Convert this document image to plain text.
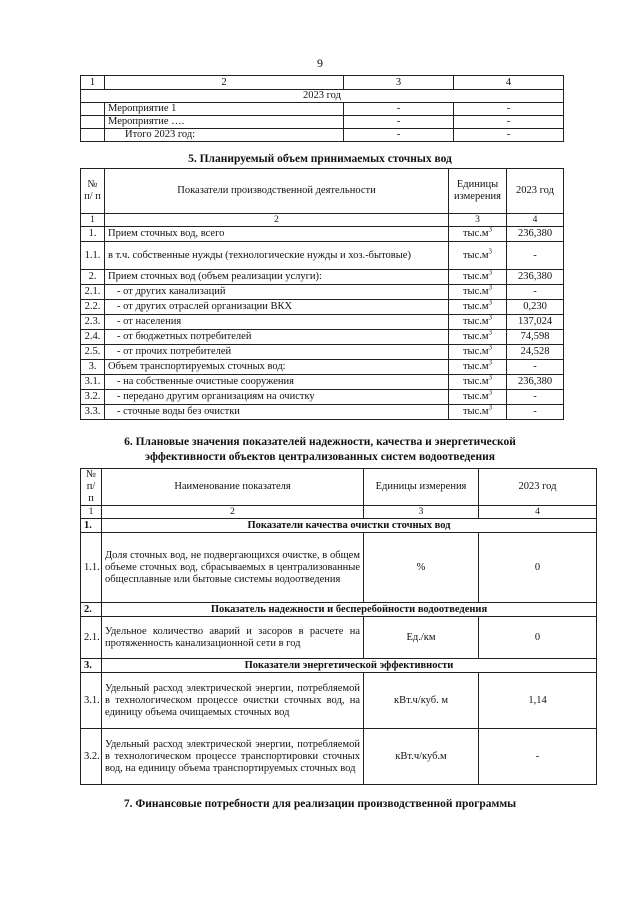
9
1	2	3	4
2023 год			
	Мероприятие 1	-	-
	Мероприятие ….	-	-
	Итого 2023 год:	-	-
5. Планируемый объем принимаемых сточных вод
№ п/ п	Показатели производственной деятельности	Единицы измерения	2023 год
1	2	3	4
1.	Прием сточных вод, всего	$тыс.м^3$	236,380
1.1.	в т.ч. собственные нужды (технологические нужды и хоз.-бытовые)	$тыс.м^3$	-
2.	Прием сточных вод (объем реализации услуги):	$тыс.м^3$	236,380
2.1.	- от других канализаций	$тыс.м^3$	-
2.2.	- от других отраслей организации ВКХ	$тыс.м^3$	0,230
2.3.	- от населения	$тыс.м^3$	137,024
2.4.	- от бюджетных потребителей	$тыс.м^3$	74,598
2.5.	- от прочих потребителей	$тыс.м^3$	24,528
3.	Объем транспортируемых сточных вод:	$тыс.м^3$	-
3.1.	- на собственные очистные сооружения	$тыс.м^3$	236,380
3.2.	- передано другим организациям на очистку	$тыс.м^3$	-
3.3.	- сточные воды без очистки	$тыс.м^3$	-
6. Плановые значения показателей надежности, качества и энергетической
эффективности объектов централизованных систем водоотведения
№ п/п	Наименование показателя	Единицы измерения	2023 год
1	2	3	4
1.	Показатели качества очистки сточных вод		
1.1.	Доля сточных вод, не подвергающихся очистке, в общем объеме сточных вод, сбрасываемых в централизованные общесплавные или бытовые системы водоотведения	%	0
2.	Показатель надежности и бесперебойности водоотведения		
2.1.	Удельное количество аварий и засоров в расчете на протяженность канализационной сети в год	Ед./км	0
3.	Показатели энергетической эффективности		
3.1.	Удельный расход электрической энергии, потребляемой в технологическом процессе очистки сточных вод, на единицу объема очищаемых сточных вод	кВт.ч/куб. м	1,14
3.2.	Удельный расход электрической энергии, потребляемой в технологическом процессе транспортировки сточных вод, на единицу объема транспортируемых сточных вод	кВт.ч/куб.м	-
7. Финансовые потребности для реализации производственной программы
